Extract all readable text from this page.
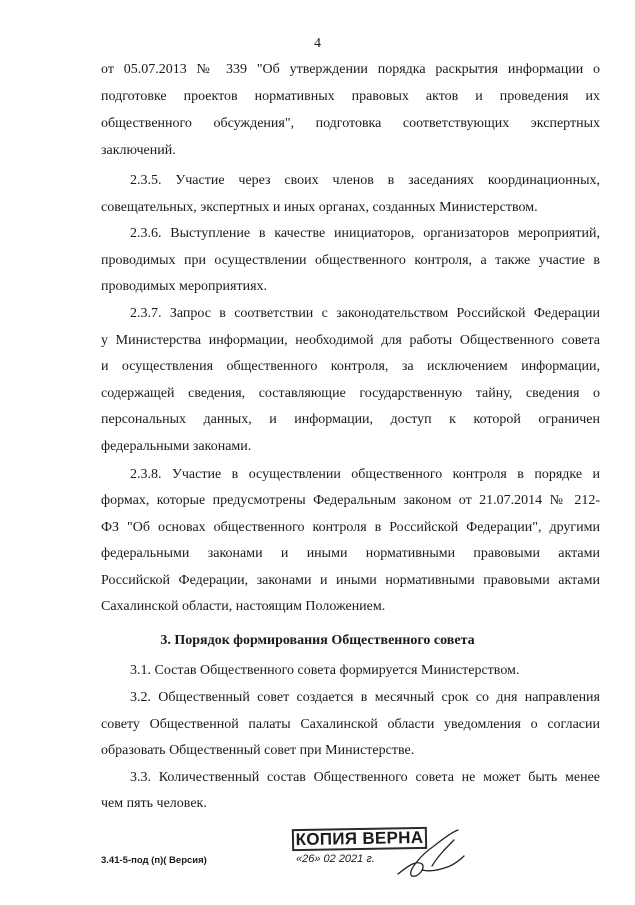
4
от 05.07.2013 № 339 "Об утверждении порядка раскрытия информации о
подготовке проектов нормативных правовых актов и проведения их
общественного обсуждения", подготовка соответствующих экспертных
заключений.
2.3.5. Участие через своих членов в заседаниях координационных,
совещательных, экспертных и иных органах, созданных Министерством.
2.3.6. Выступление в качестве инициаторов, организаторов мероприятий,
проводимых при осуществлении общественного контроля, а также участие в
проводимых мероприятиях.
2.3.7. Запрос в соответствии с законодательством Российской Федерации
у Министерства информации, необходимой для работы Общественного совета
и осуществления общественного контроля, за исключением информации,
содержащей сведения, составляющие государственную тайну, сведения о
персональных данных, и информации, доступ к которой ограничен
федеральными законами.
2.3.8. Участие в осуществлении общественного контроля в порядке и
формах, которые предусмотрены Федеральным законом от 21.07.2014 № 212-
ФЗ "Об основах общественного контроля в Российской Федерации", другими
федеральными законами и иными нормативными правовыми актами
Российской Федерации, законами и иными нормативными правовыми актами
Сахалинской области, настоящим Положением.
3. Порядок формирования Общественного совета
3.1. Состав Общественного совета формируется Министерством.
3.2. Общественный совет создается в месячный срок со дня направления
совету Общественной палаты Сахалинской области уведомления о согласии
образовать Общественный совет при Министерстве.
3.3. Количественный состав Общественного совета не может быть менее
чем пять человек.
3.41-5-под (п)( Версия)
КОПИЯ ВЕРНА
«26» 02 2021 г.
